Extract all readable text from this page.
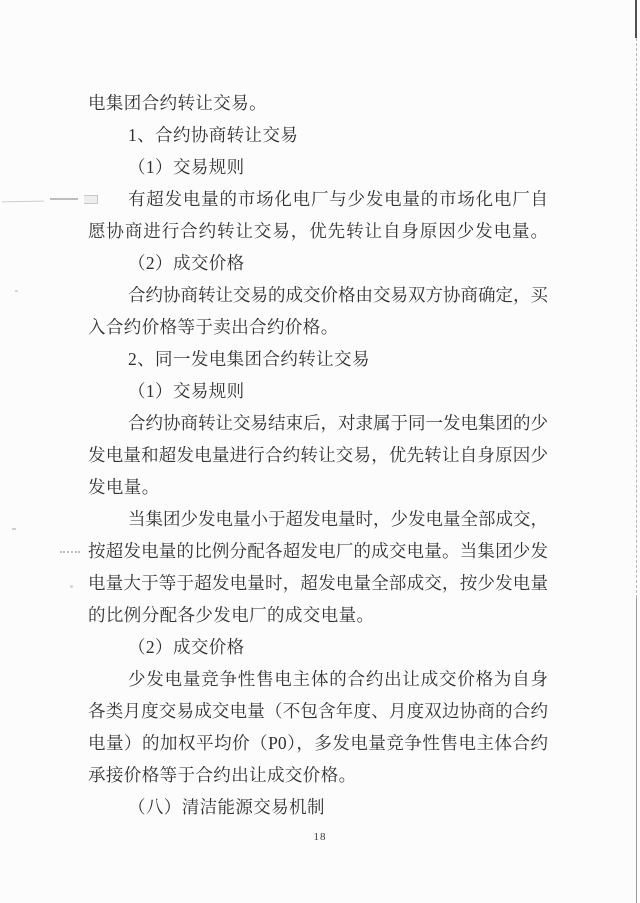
电集团合约转让交易。
1、合约协商转让交易
（1）交易规则
有超发电量的市场化电厂与少发电量的市场化电厂自
愿协商进行合约转让交易，优先转让自身原因少发电量。
（2）成交价格
合约协商转让交易的成交价格由交易双方协商确定，买
入合约价格等于卖出合约价格。
2、同一发电集团合约转让交易
（1）交易规则
合约协商转让交易结束后，对隶属于同一发电集团的少
发电量和超发电量进行合约转让交易，优先转让自身原因少
发电量。
当集团少发电量小于超发电量时，少发电量全部成交，
按超发电量的比例分配各超发电厂的成交电量。当集团少发
电量大于等于超发电量时，超发电量全部成交，按少发电量
的比例分配各少发电厂的成交电量。
（2）成交价格
少发电量竞争性售电主体的合约出让成交价格为自身
各类月度交易成交电量（不包含年度、月度双边协商的合约
电量）的加权平均价（P0），多发电量竞争性售电主体合约
承接价格等于合约出让成交价格。
（八）清洁能源交易机制
18
